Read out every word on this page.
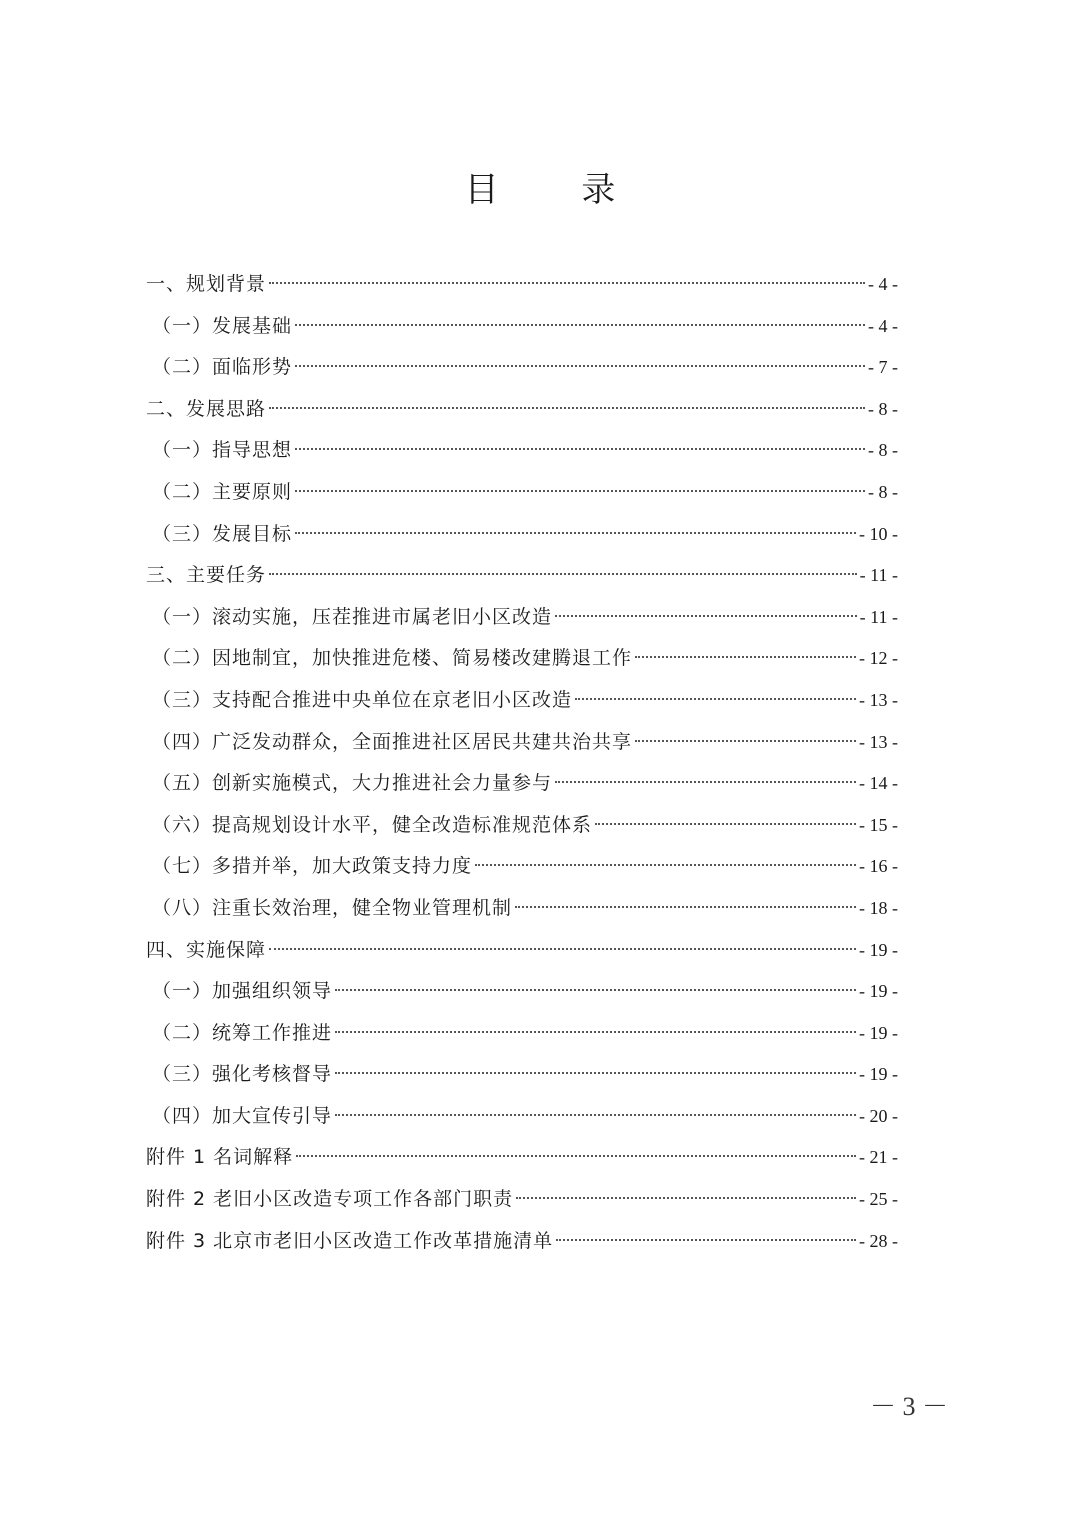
目 录
一、规划背景	- 4 -
（一）发展基础	- 4 -
（二）面临形势	- 7 -
二、发展思路	- 8 -
（一）指导思想	- 8 -
（二）主要原则	- 8 -
（三）发展目标	- 10 -
三、主要任务	- 11 -
（一）滚动实施，压茬推进市属老旧小区改造	- 11 -
（二）因地制宜，加快推进危楼、简易楼改建腾退工作	- 12 -
（三）支持配合推进中央单位在京老旧小区改造	- 13 -
（四）广泛发动群众，全面推进社区居民共建共治共享	- 13 -
（五）创新实施模式，大力推进社会力量参与	- 14 -
（六）提高规划设计水平，健全改造标准规范体系	- 15 -
（七）多措并举，加大政策支持力度	- 16 -
（八）注重长效治理，健全物业管理机制	- 18 -
四、实施保障	- 19 -
（一）加强组织领导	- 19 -
（二）统筹工作推进	- 19 -
（三）强化考核督导	- 19 -
（四）加大宣传引导	- 20 -
附件 1 名词解释	- 21 -
附件 2 老旧小区改造专项工作各部门职责	- 25 -
附件 3 北京市老旧小区改造工作改革措施清单	- 28 -
－ 3 －
